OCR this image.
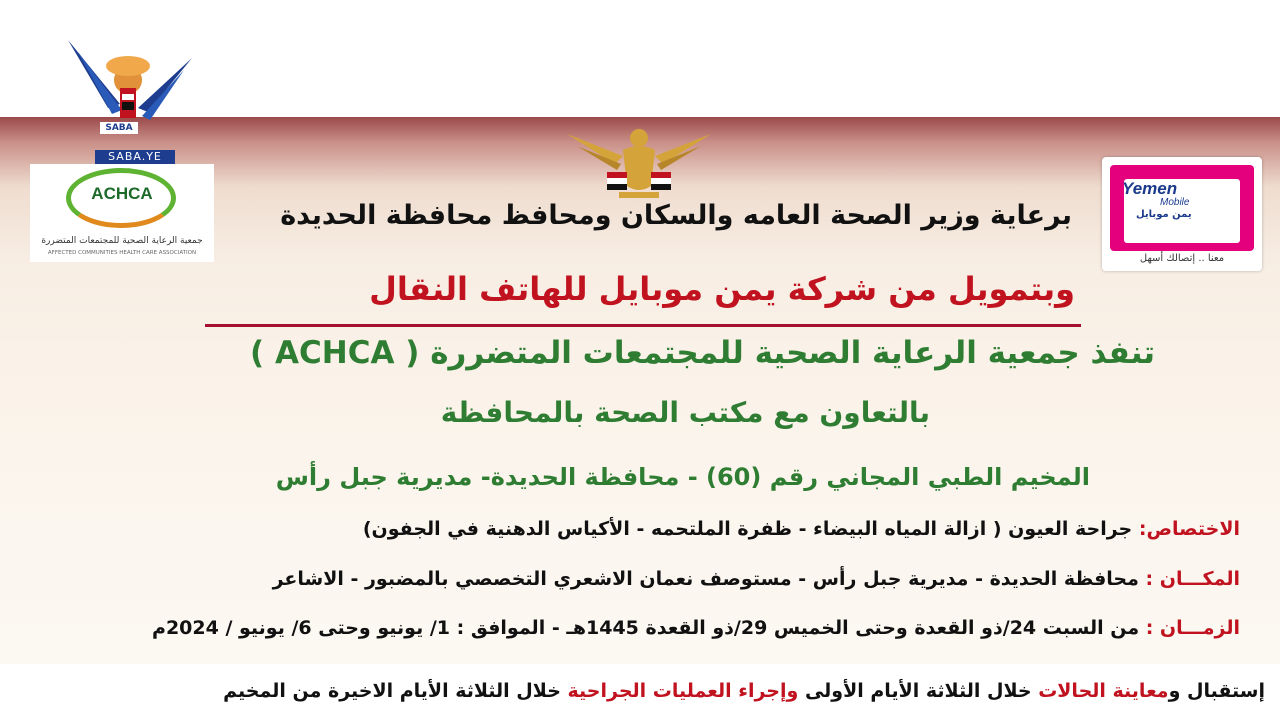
SABA
SABA.YE
ACHCA
جمعية الرعاية الصحية للمجتمعات المتضررة
AFFECTED COMMUNITIES HEALTH CARE ASSOCIATION
Yemen
Mobile
يمن موبايل
معنا .. إتصالك أسهل
برعاية وزير الصحة العامه والسكان ومحافظ محافظة الحديدة
وبتمويل من شركة يمن موبايل للهاتف النقال
تنفذ جمعية الرعاية الصحية للمجتمعات المتضررة ( ACHCA )
بالتعاون مع مكتب الصحة بالمحافظة
المخيم الطبي المجاني رقم (60) - محافظة الحديدة- مديرية جبل رأس
الاختصاص: جراحة العيون ( ازالة المياه البيضاء - ظفرة الملتحمه - الأكياس الدهنية في الجفون)
المكـــان : محافظة الحديدة - مديرية جبل رأس - مستوصف نعمان الاشعري التخصصي بالمضبور - الاشاعر
الزمـــان : من السبت 24/ذو القعدة وحتى الخميس 29/ذو القعدة 1445هـ - الموافق : 1/ يونيو وحتى 6/ يونيو / 2024م
إستقبال ومعاينة الحالات خلال الثلاثة الأيام الأولى وإجراء العمليات الجراحية خلال الثلاثة الأيام الاخيرة من المخيم
